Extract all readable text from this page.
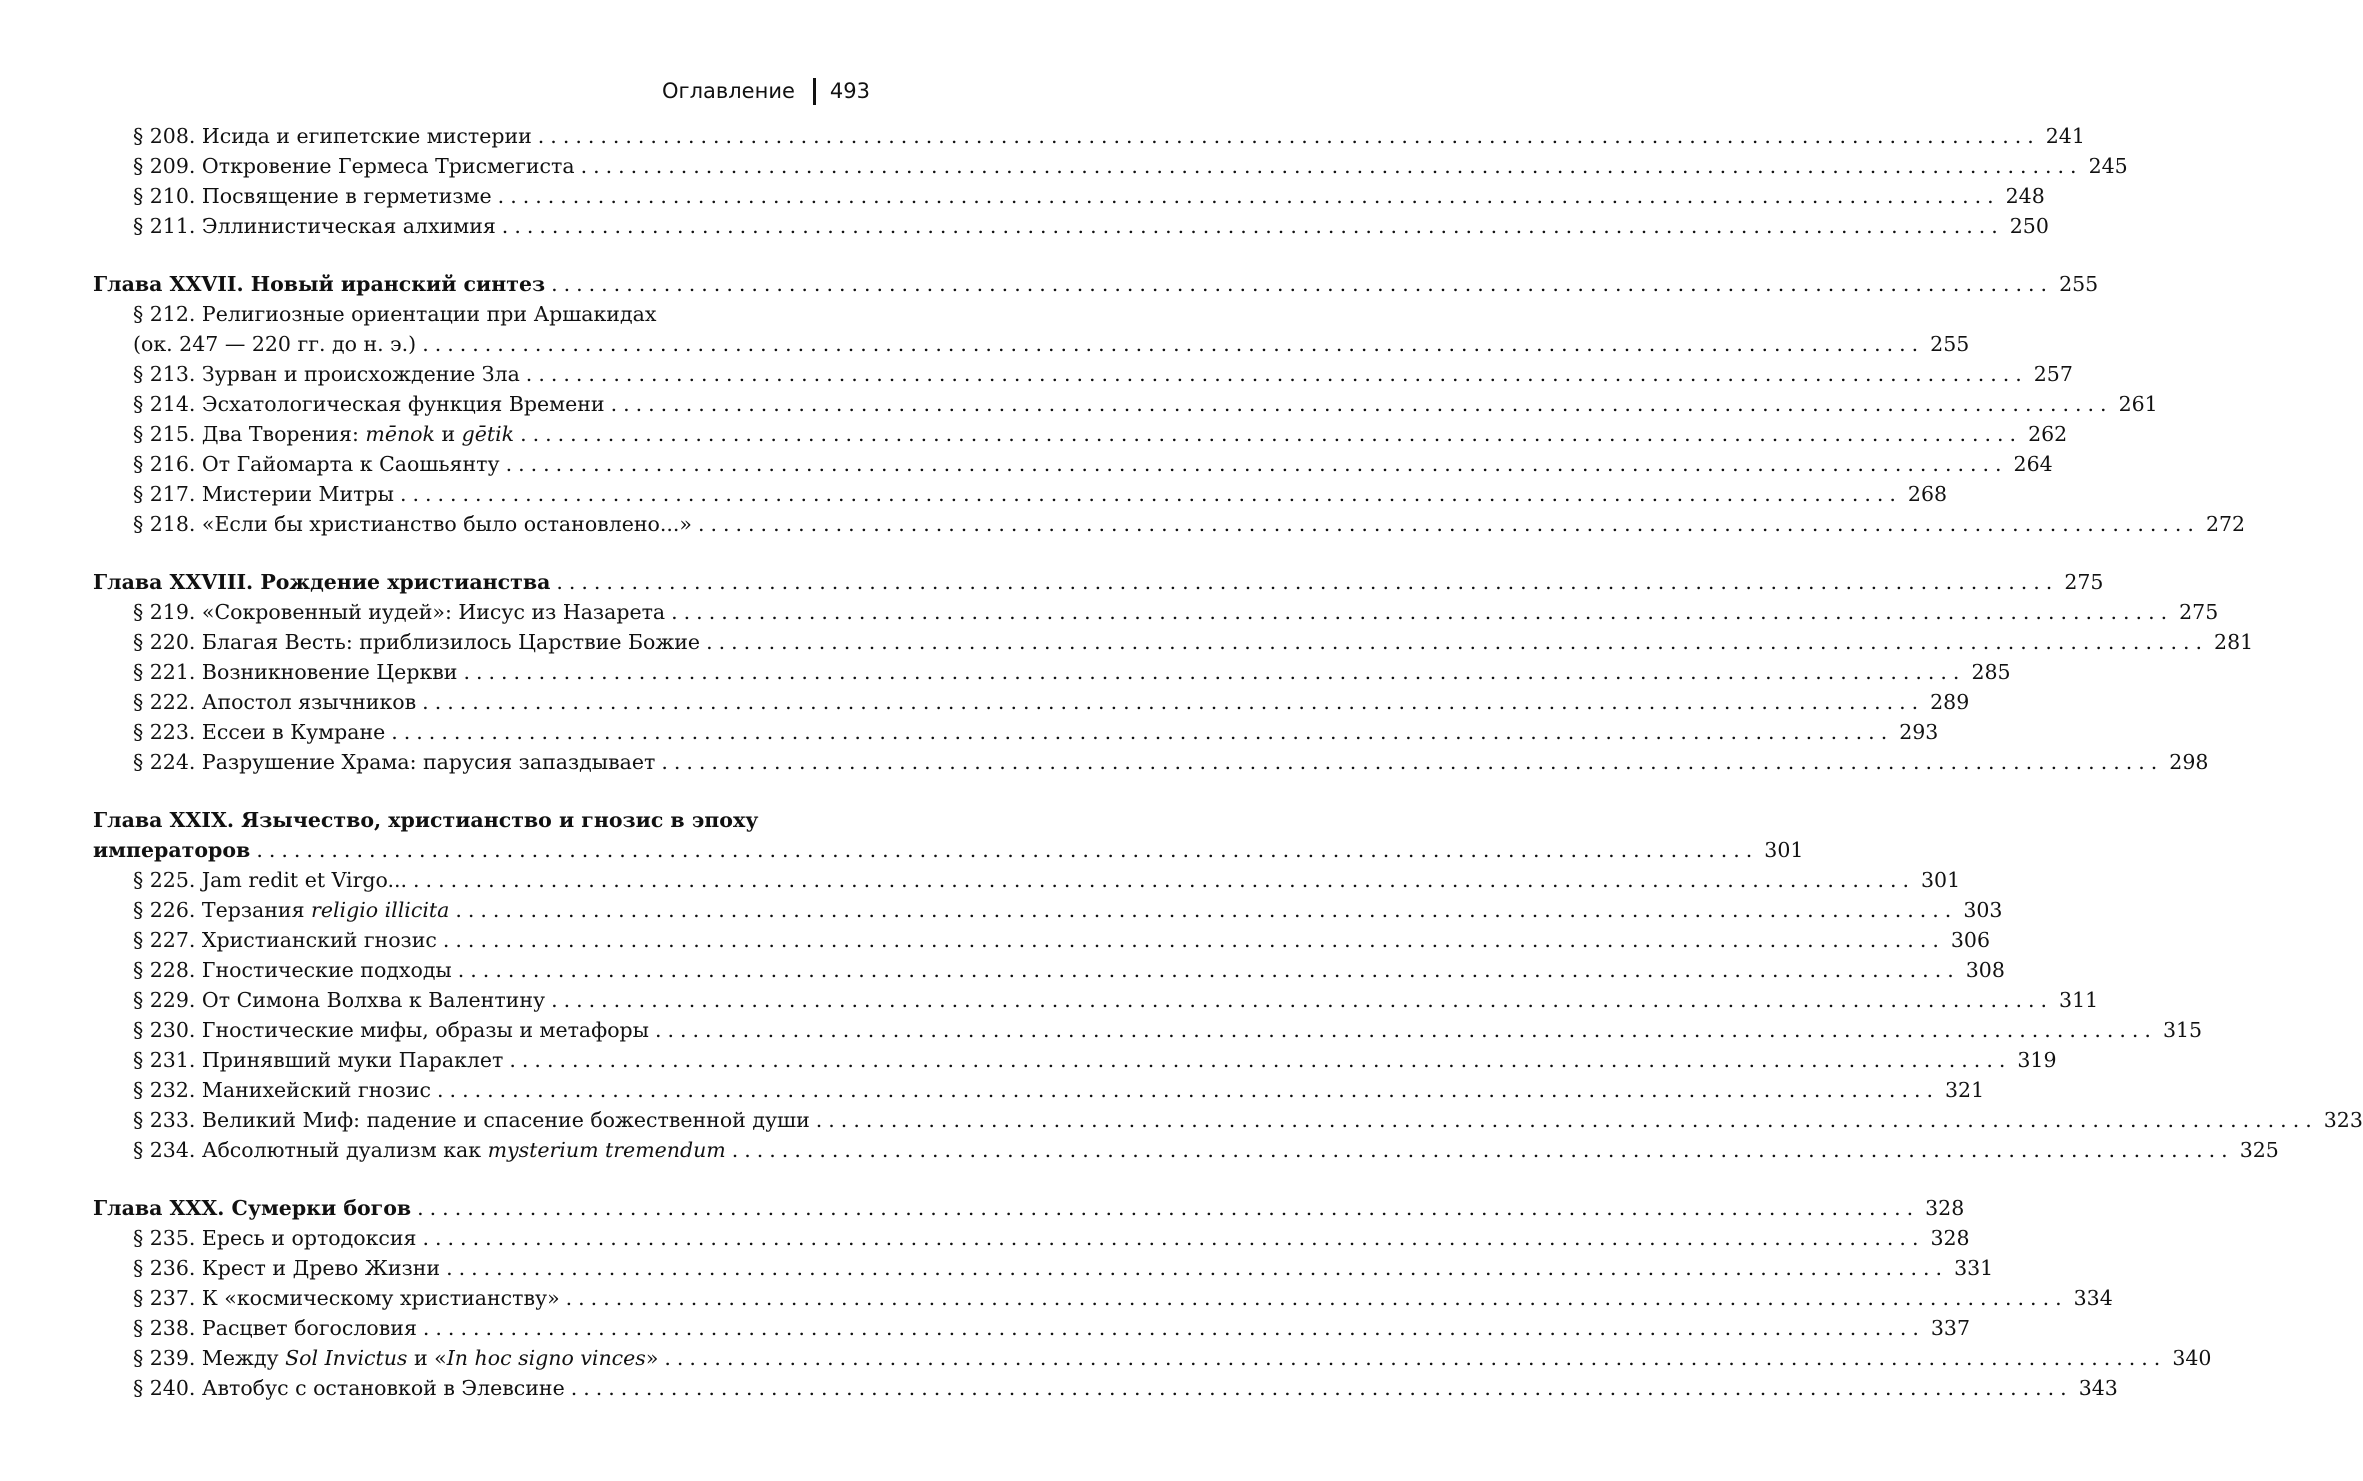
Оглавление 493
§ 208. Исида и египетские мистерии ........................................................................................................................ 241
§ 209. Откровение Гермеса Трисмегиста ........................................................................................................................ 245
§ 210. Посвящение в герметизме ........................................................................................................................ 248
§ 211. Эллинистическая алхимия ........................................................................................................................ 250
Глава XXVII. Новый иранский синтез ........................................................................................................................ 255
§ 212. Религиозные ориентации при Аршакидах
(ок. 247 — 220 гг. до н. э.) ........................................................................................................................ 255
§ 213. Зурван и происхождение Зла ........................................................................................................................ 257
§ 214. Эсхатологическая функция Времени ........................................................................................................................ 261
§ 215. Два Творения: mēnok и gētik ........................................................................................................................ 262
§ 216. От Гайомарта к Саошьянту ........................................................................................................................ 264
§ 217. Мистерии Митры ........................................................................................................................ 268
§ 218. «Если бы христианство было остановлено...» ........................................................................................................................ 272
Глава XXVIII. Рождение христианства ........................................................................................................................ 275
§ 219. «Сокровенный иудей»: Иисус из Назарета ........................................................................................................................ 275
§ 220. Благая Весть: приблизилось Царствие Божие ........................................................................................................................ 281
§ 221. Возникновение Церкви ........................................................................................................................ 285
§ 222. Апостол язычников ........................................................................................................................ 289
§ 223. Ессеи в Кумране ........................................................................................................................ 293
§ 224. Разрушение Храма: парусия запаздывает ........................................................................................................................ 298
Глава XXIX. Язычество, христианство и гнозис в эпоху
императоров ........................................................................................................................ 301
§ 225. Jam redit et Virgo... ........................................................................................................................ 301
§ 226. Терзания religio illicita ........................................................................................................................ 303
§ 227. Христианский гнозис ........................................................................................................................ 306
§ 228. Гностические подходы ........................................................................................................................ 308
§ 229. От Симона Волхва к Валентину ........................................................................................................................ 311
§ 230. Гностические мифы, образы и метафоры ........................................................................................................................ 315
§ 231. Принявший муки Параклет ........................................................................................................................ 319
§ 232. Манихейский гнозис ........................................................................................................................ 321
§ 233. Великий Миф: падение и спасение божественной души ........................................................................................................................ 323
§ 234. Абсолютный дуализм как mysterium tremendum ........................................................................................................................ 325
Глава XXX. Сумерки богов ........................................................................................................................ 328
§ 235. Ересь и ортодоксия ........................................................................................................................ 328
§ 236. Крест и Древо Жизни ........................................................................................................................ 331
§ 237. К «космическому христианству» ........................................................................................................................ 334
§ 238. Расцвет богословия ........................................................................................................................ 337
§ 239. Между Sol Invictus и «In hoc signo vinces» ........................................................................................................................ 340
§ 240. Автобус с остановкой в Элевсине ........................................................................................................................ 343
